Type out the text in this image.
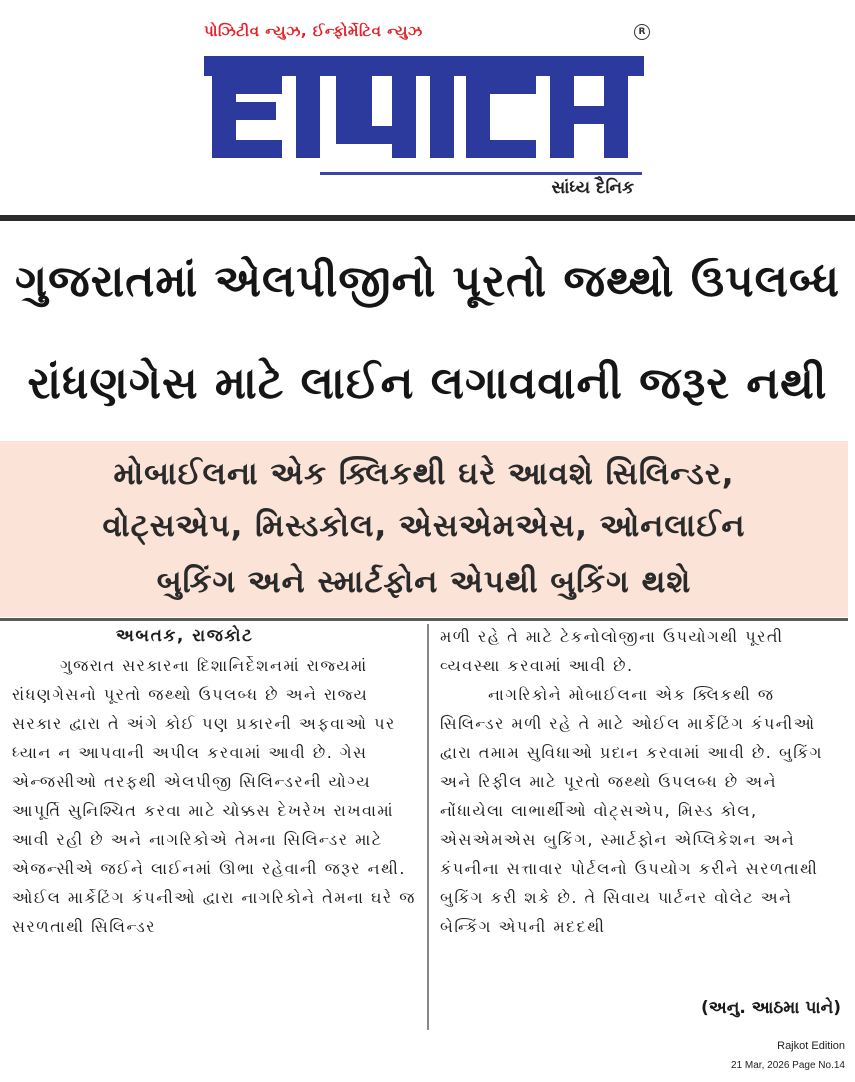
પોઝિટીવ ન્યુઝ, ઈન્ફોર્મેટિવ ન્યુઝ	R
સાંધ્ય દૈનિક
ગુજરાતમાં એલપીજીનો પૂરતો જથ્થો ઉપલબ્ધ
રાંધણગેસ માટે લાઈન લગાવવાની જરૂર નથી
મોબાઈલના એક ક્લિકથી ઘરે આવશે સિલિન્ડર,
વોટ્સએપ, મિસ્ડકોલ, એસએમએસ, ઓનલાઈન
બુકિંગ અને સ્માર્ટફોન એપથી બુકિંગ થશે

અબતક, રાજકોટ

ગુજરાત સરકારના દિશાનિર્દેશનમાં રાજ્યમાં રાંધણગેસનો પૂરતો જથ્થો ઉપલબ્ધ છે અને રાજ્ય સરકાર દ્વારા તે અંગે કોઈ પણ પ્રકારની અફવાઓ પર ધ્યાન ન આપવાની અપીલ કરવામાં આવી છે. ગેસ એન્જસીઓ તરફથી એલપીજી સિલિન્ડરની યોગ્ય આપૂર્તિ સુનિશ્ચિત કરવા માટે ચોક્કસ દેખરેખ રાખવામાં આવી રહી છે અને નાગરિકોએ તેમના સિલિન્ડર માટે એજન્સીએ જઈને લાઈનમાં ઊભા રહેવાની જરૂર નથી. ઓઈલ માર્કેટિંગ કંપનીઓ દ્વારા નાગરિકોને તેમના ઘરે જ સરળતાથી સિલિન્ડર

મળી રહે તે માટે ટેકનોલોજીના ઉપયોગથી પૂરતી વ્યવસ્થા કરવામાં આવી છે.

નાગરિકોને મોબાઈલના એક ક્લિકથી જ સિલિન્ડર મળી રહે તે માટે ઓઈલ માર્કેટિંગ કંપનીઓ દ્વારા તમામ સુવિધાઓ પ્રદાન કરવામાં આવી છે. બુકિંગ અને રિફીલ માટે પૂરતો જથ્થો ઉપલબ્ધ છે અને નોંધાયેલા લાભાર્થીઓ વોટ્સએપ, મિસ્ડ કોલ, એસએમએસ બુકિંગ, સ્માર્ટફોન એપ્લિકેશન અને કંપનીના સત્તાવાર પોર્ટલનો ઉપયોગ કરીને સરળતાથી બુકિંગ કરી શકે છે. તે સિવાય પાર્ટનર વોલેટ અને બેન્કિંગ એપની મદદથી

(અનુ. આઠમા પાને)
Rajkot Edition
21 Mar, 2026 Page No.14
